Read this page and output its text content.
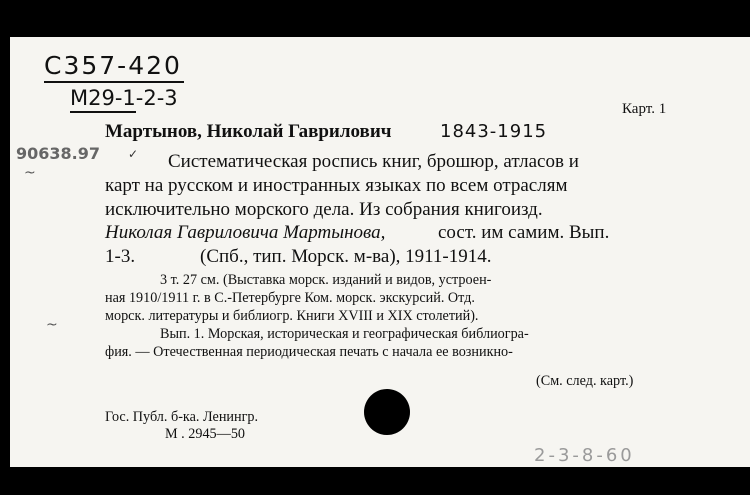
С357-420
М29-1-2-3	Карт. 1
Мартынов, Николай Гаврилович	1843-1915
90638.97
~
✓ Систематическая роспись книг, брошюр, атласов и
карт на русском и иностранных языках по всем отраслям
исключительно морского дела. Из собрания книгоизд.
Николая Гавриловича Мартынова,	сост. им самим. Вып.
1-3.	(Спб., тип. Морск. м-ва), 1911-1914.
3 т. 27 см. (Выставка морск. изданий и видов, устроен-
ная 1910/1911 г. в С.-Петербурге Ком. морск. экскурсий. Отд.
морск. литературы и библиогр. Книги XVIII и XIX столетий).
~
Вып. 1. Морская, историческая и географическая библиогра-
фия. — Отечественная периодическая печать с начала ее возникно-
(См. след. карт.)
Гос. Публ. б-ка. Ленингр.
М . 2945—50
2-3-8-60
